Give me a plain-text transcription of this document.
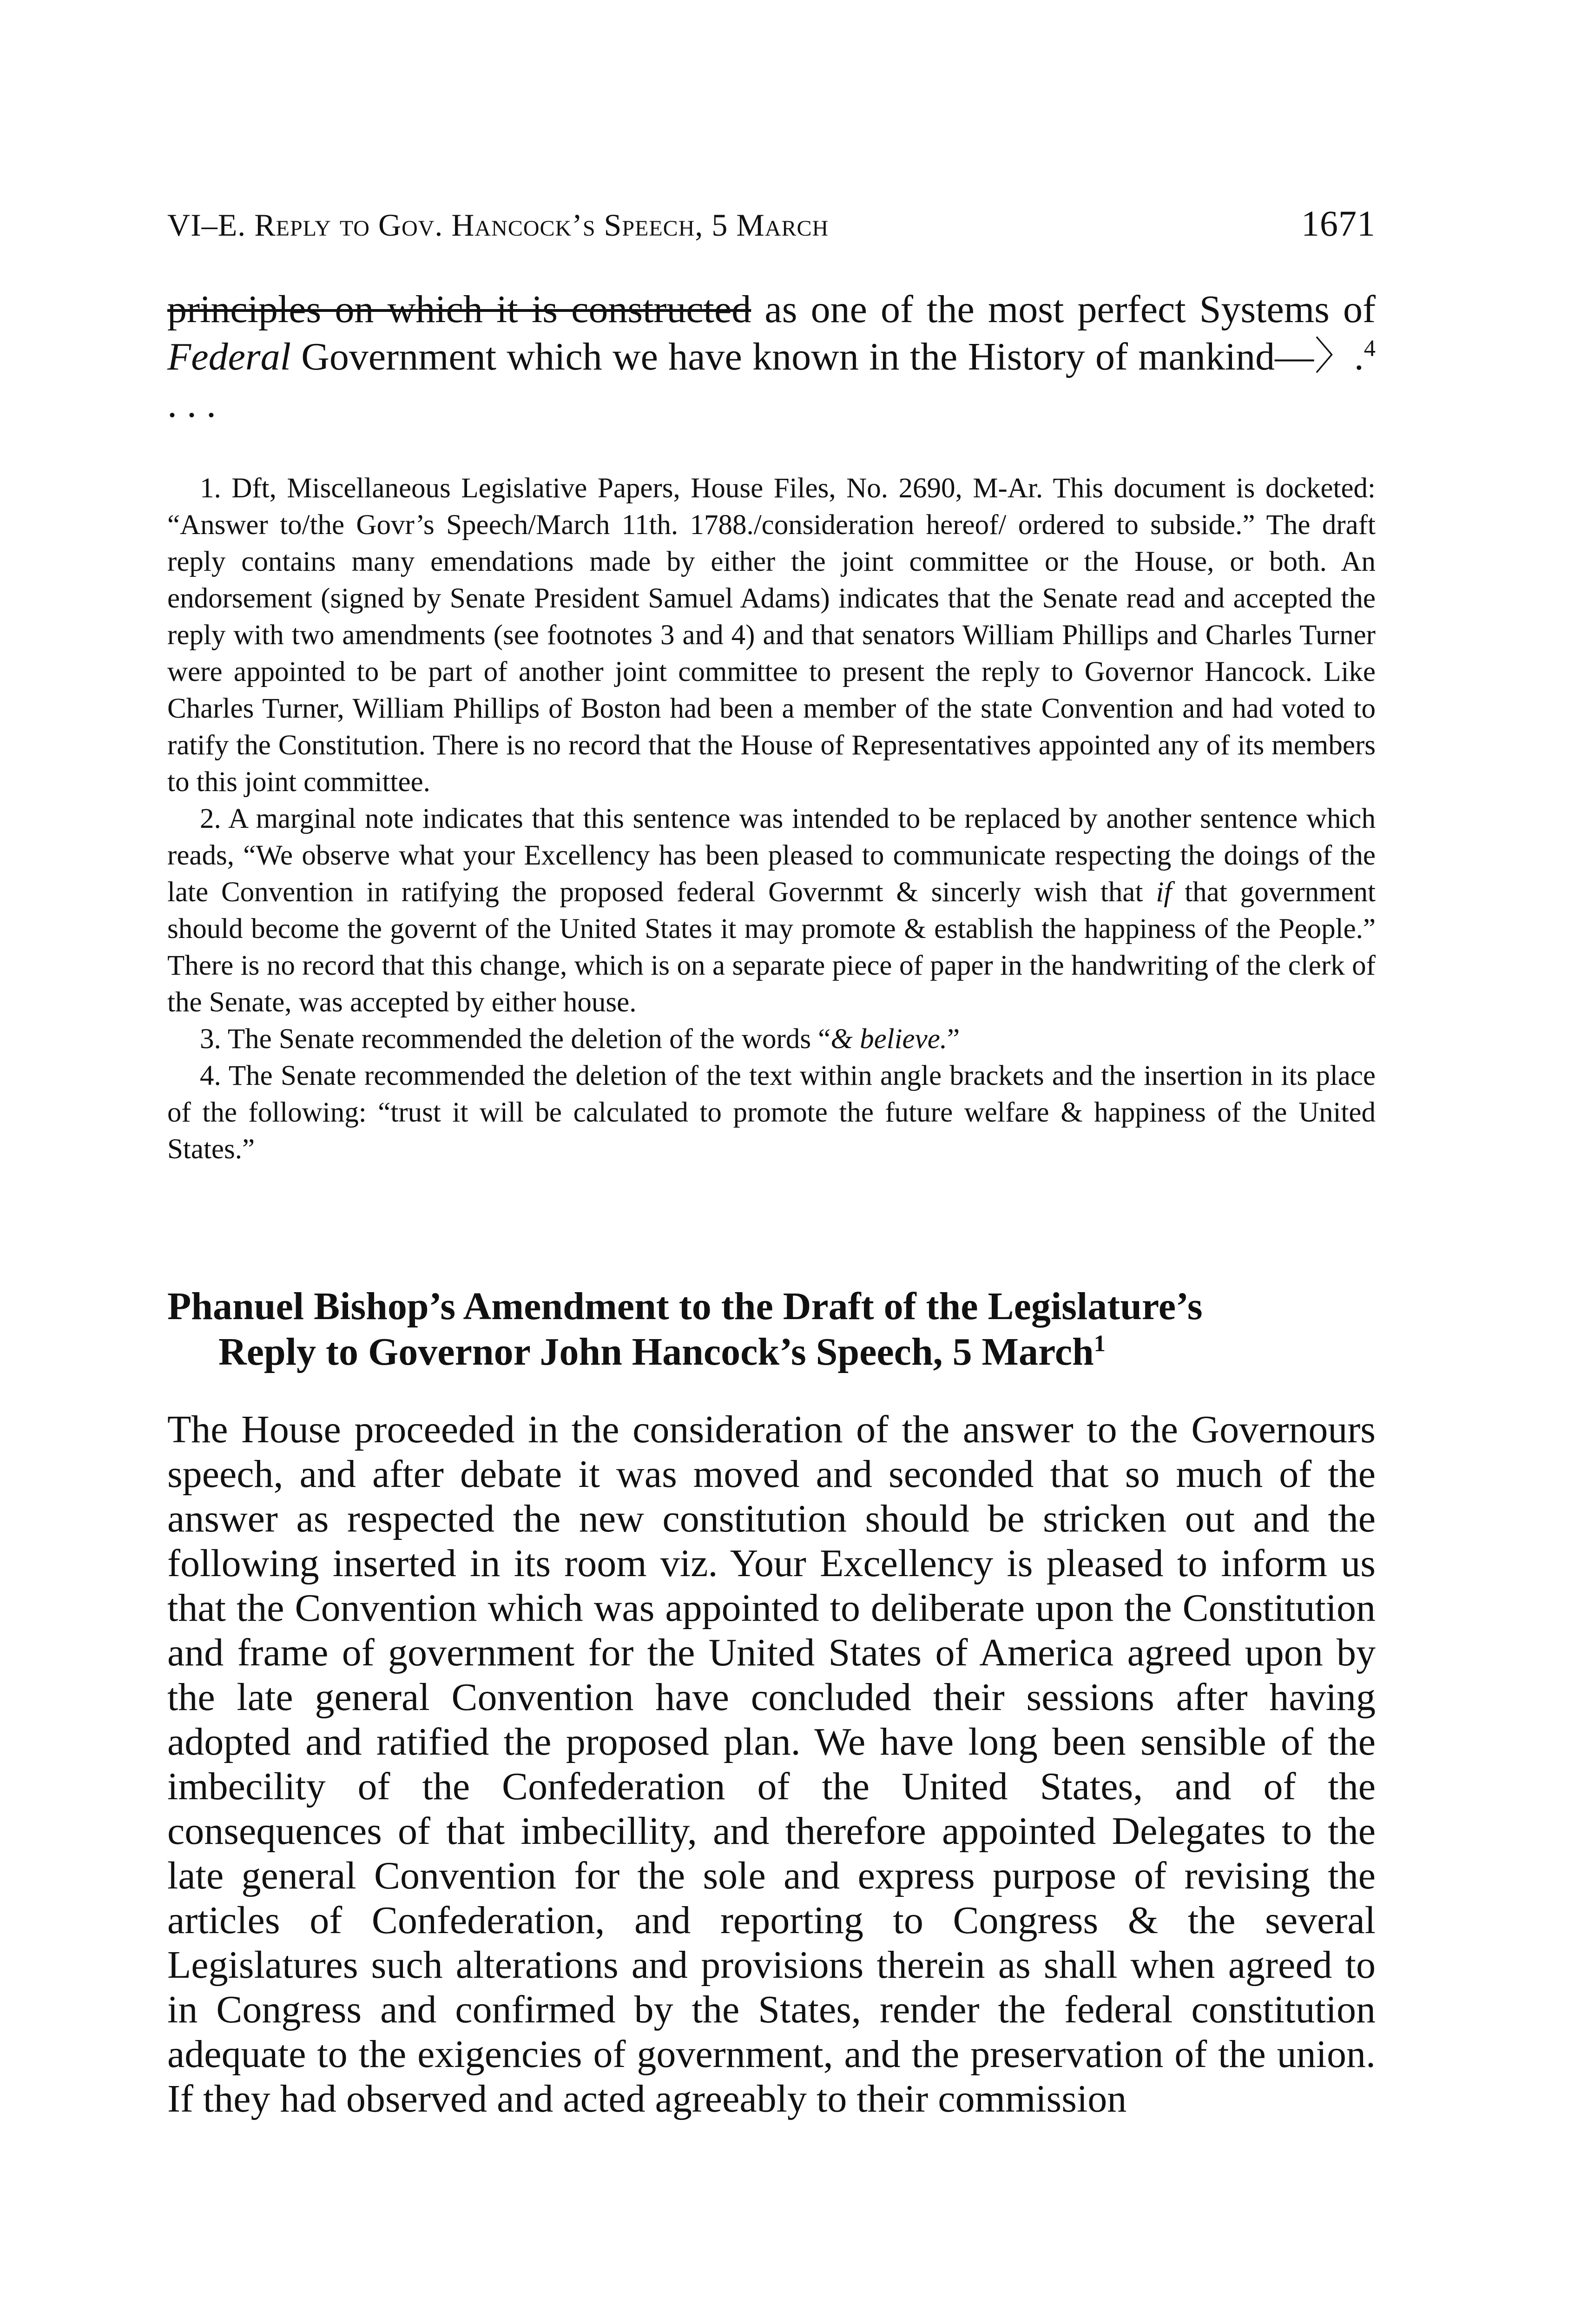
VI–E. Reply to Gov. Hancock’s Speech, 5 March	1671

principles on which it is constructed as one of the most perfect Systems of Federal Government which we have known in the History of mankind—〉.$^4$ . . .

1. Dft, Miscellaneous Legislative Papers, House Files, No. 2690, M-Ar. This document is docketed: “Answer to/the Govr’s Speech/March 11th. 1788./consideration hereof/ ordered to subside.” The draft reply contains many emendations made by either the joint committee or the House, or both. An endorsement (signed by Senate President Samuel Adams) indicates that the Senate read and accepted the reply with two amendments (see footnotes 3 and 4) and that senators William Phillips and Charles Turner were appointed to be part of another joint committee to present the reply to Governor Hancock. Like Charles Turner, William Phillips of Boston had been a member of the state Convention and had voted to ratify the Constitution. There is no record that the House of Representatives appointed any of its members to this joint committee.

2. A marginal note indicates that this sentence was intended to be replaced by another sentence which reads, “We observe what your Excellency has been pleased to communicate respecting the doings of the late Convention in ratifying the proposed federal Governmt & sincerly wish that if that government should become the governt of the United States it may promote & establish the happiness of the People.” There is no record that this change, which is on a separate piece of paper in the handwriting of the clerk of the Senate, was accepted by either house.

3. The Senate recommended the deletion of the words “& believe.”

4. The Senate recommended the deletion of the text within angle brackets and the insertion in its place of the following: “trust it will be calculated to promote the future welfare & happiness of the United States.”

Phanuel Bishop’s Amendment to the Draft of the Legislature’s
Reply to Governor John Hancock’s Speech, 5 March$^1$

The House proceeded in the consideration of the answer to the Governours speech, and after debate it was moved and seconded that so much of the answer as respected the new constitution should be stricken out and the following inserted in its room viz. Your Excellency is pleased to inform us that the Convention which was appointed to deliberate upon the Constitution and frame of government for the United States of America agreed upon by the late general Convention have concluded their sessions after having adopted and ratified the proposed plan. We have long been sensible of the imbecility of the Confederation of the United States, and of the consequences of that imbecillity, and therefore appointed Delegates to the late general Convention for the sole and express purpose of revising the articles of Confederation, and reporting to Congress & the several Legislatures such alterations and provisions therein as shall when agreed to in Congress and confirmed by the States, render the federal constitution adequate to the exigencies of government, and the preservation of the union. If they had observed and acted agreeably to their commission
